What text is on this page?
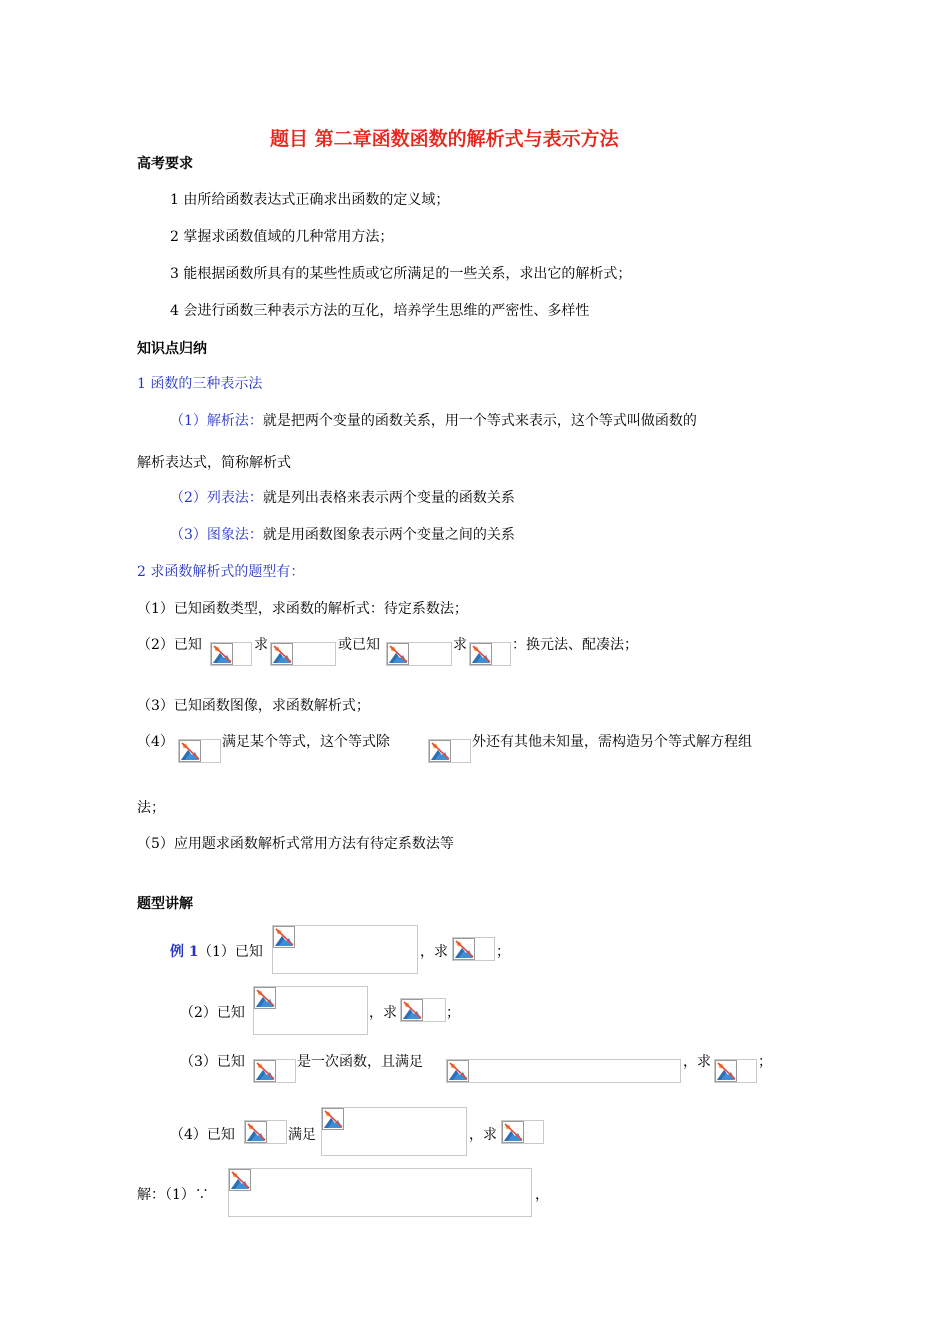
题目 第二章函数函数的解析式与表示方法
高考要求
1 由所给函数表达式正确求出函数的定义域；
2 掌握求函数值域的几种常用方法；
3 能根据函数所具有的某些性质或它所满足的一些关系，求出它的解析式；
4 会进行函数三种表示方法的互化，培养学生思维的严密性、多样性
知识点归纳
1 函数的三种表示法
（1）解析法：就是把两个变量的函数关系，用一个等式来表示，这个等式叫做函数的
解析表达式，简称解析式
（2）列表法：就是列出表格来表示两个变量的函数关系
（3）图象法：就是用函数图象表示两个变量之间的关系
2 求函数解析式的题型有：
（1）已知函数类型，求函数的解析式：待定系数法；
（2）已知	求	或已知	求	：换元法、配凑法；
（3）已知函数图像，求函数解析式；
（4）	满足某个等式，这个等式除	外还有其他未知量，需构造另个等式解方程组
法；
（5）应用题求函数解析式常用方法有待定系数法等
题型讲解
例 1 （1）已知	，求	；
（2）已知	，求	；
（3）已知	是一次函数，且满足	，求	；
（4）已知	满足	，求
解：（1）∵	，
